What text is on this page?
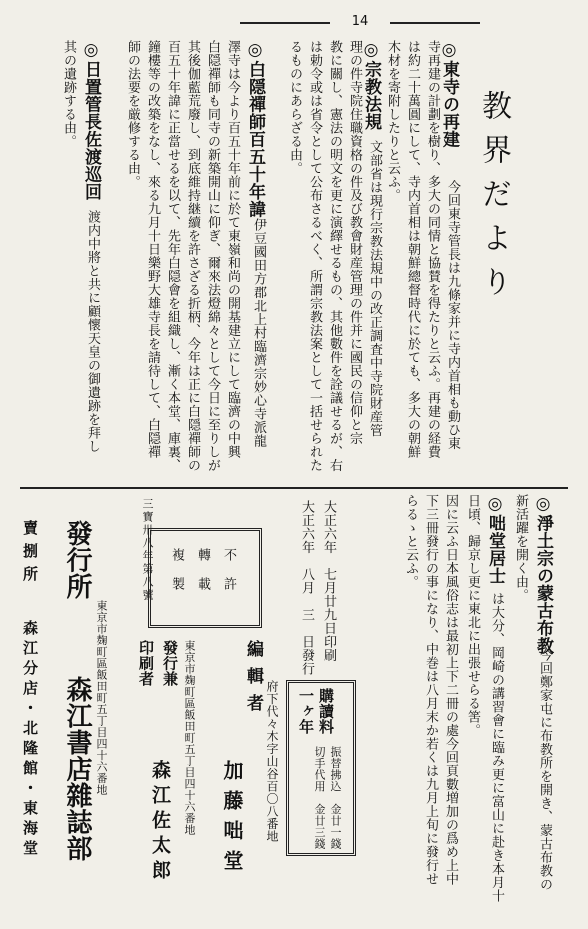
14
教界だより
◎東寺の再建
今回東寺管長は九條家并に寺内首相も動ひ東
寺再建の計劃を樹り、多大の同情と協賛を得たりと云ふ。再建の経費
は約二十萬圓にして、寺内首相は朝鮮總督時代に於ても、多大の朝鮮
木材を寄附したりと云ふ。
◎宗教法規
文部省は現行宗教法規中の改正調査中寺院財産管
理の件寺院住職資格の件及び教會財産管理の件并に國民の信仰と宗
教に關し、憲法の明文を更に演繹せるもの、其他數件を詮議せるが、右
は勅令或は省令として公布さるべく、所謂宗教法案として一括せられた
るものにあらざる由。
◎白隠禪師百五十年諱
伊豆國田方郡北上村臨濟宗妙心寺派龍
澤寺は今より百五十年前に於て東嶺和尚の開基建立にして臨濟の中興
白隠禪師も同寺の新築開山に仰ぎ、爾來法燈綿々として今日に至りしが
其後伽藍荒廢し、到底維持継續を許さざる折柄、今年は正に白隠禪師の
百五十年諱に正當せるを以て、先年白隠會を組織し、漸く本堂、庫裏、
鐘樓等の改築をなし、來る九月十日樂野大雄寺長を請待して、白隠禪
師の法要を厳修する由。
◎日置管長佐渡巡回
渡内中將と共に顧懷天皇の御遺跡を拜し
其の遺跡する由。
◎淨土宗の蒙古布教
今回鄭家屯に布教所を開き、蒙古布教の
新活躍を開く由。
◎咄堂居士
は大分、岡崎の講習會に臨み更に富山に赴き本月十
日頃、歸京し更に東北に出張せらる筈。
因に云ふ日本風俗志は最初上下二冊の處今回頁數増加の爲め上中
下三冊發行の事になり、中巻は八月末か若くは九月上旬に發行せ
らるゝと云ふ。
大正六年　七月廿九日印刷
大正六年　八月　三　日發行
購讀料
一ヶ年
振替拂込　金廿一錢
切手代用　金廿三錢
府下代々木字山谷百〇八番地
編輯者
加藤咄堂
東京市麹町區飯田町五丁目四十六番地
發行兼
印刷者
森江佐太郎
發行所
東京市麹町區飯田町五丁目四十六番地
森江書店雜誌部
賣捌所
森江分店・北隆館・東海堂
三寶卅八年第八號	不許
轉載
複製
